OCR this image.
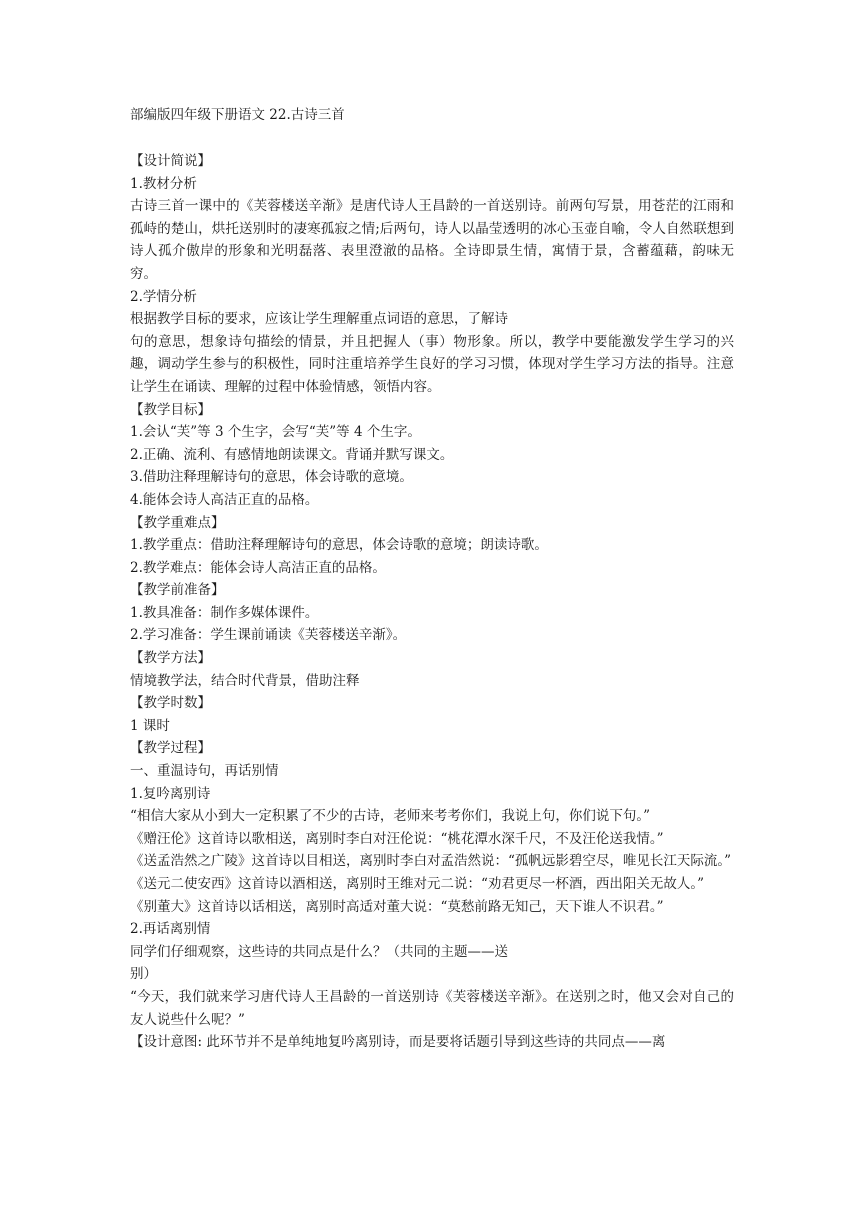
部编版四年级下册语文 22.古诗三首
【设计简说】
1.教材分析
古诗三首一课中的《芙蓉楼送辛渐》是唐代诗人王昌龄的一首送别诗。前两句写景，用苍茫的江雨和孤峙的楚山，烘托送别时的凄寒孤寂之情;后两句，诗人以晶莹透明的冰心玉壶自喻，令人自然联想到诗人孤介傲岸的形象和光明磊落、表里澄澈的品格。全诗即景生情，寓情于景，含蓄蕴藉，韵味无穷。
2.学情分析
根据教学目标的要求，应该让学生理解重点词语的意思，了解诗
句的意思，想象诗句描绘的情景，并且把握人（事）物形象。所以，教学中要能激发学生学习的兴趣，调动学生参与的积极性，同时注重培养学生良好的学习习惯，体现对学生学习方法的指导。注意让学生在诵读、理解的过程中体验情感，领悟内容。
【教学目标】
1.会认“芙”等 3 个生字，会写“芙”等 4 个生字。
2.正确、流利、有感情地朗读课文。背诵并默写课文。
3.借助注释理解诗句的意思，体会诗歌的意境。
4.能体会诗人高洁正直的品格。
【教学重难点】
1.教学重点：借助注释理解诗句的意思，体会诗歌的意境；朗读诗歌。
2.教学难点：能体会诗人高洁正直的品格。
【教学前准备】
1.教具准备：制作多媒体课件。
2.学习准备：学生课前诵读《芙蓉楼送辛渐》。
【教学方法】
情境教学法，结合时代背景，借助注释
【教学时数】
1 课时
【教学过程】
一、重温诗句，再话别情
1.复吟离别诗
“相信大家从小到大一定积累了不少的古诗，老师来考考你们，我说上句，你们说下句。”
《赠汪伦》这首诗以歌相送，离别时李白对汪伦说：“桃花潭水深千尺，不及汪伦送我情。”
《送孟浩然之广陵》这首诗以目相送，离别时李白对孟浩然说：“孤帆远影碧空尽，唯见长江天际流。”
《送元二使安西》这首诗以酒相送，离别时王维对元二说：“劝君更尽一杯酒，西出阳关无故人。”
《别董大》这首诗以话相送，离别时高适对董大说：“莫愁前路无知己，天下谁人不识君。”
2.再话离别情
同学们仔细观察，这些诗的共同点是什么？（共同的主题——送
别）
“今天，我们就来学习唐代诗人王昌龄的一首送别诗《芙蓉楼送辛渐》。在送别之时，他又会对自己的友人说些什么呢？”
【设计意图: 此环节并不是单纯地复吟离别诗，而是要将话题引导到这些诗的共同点——离
